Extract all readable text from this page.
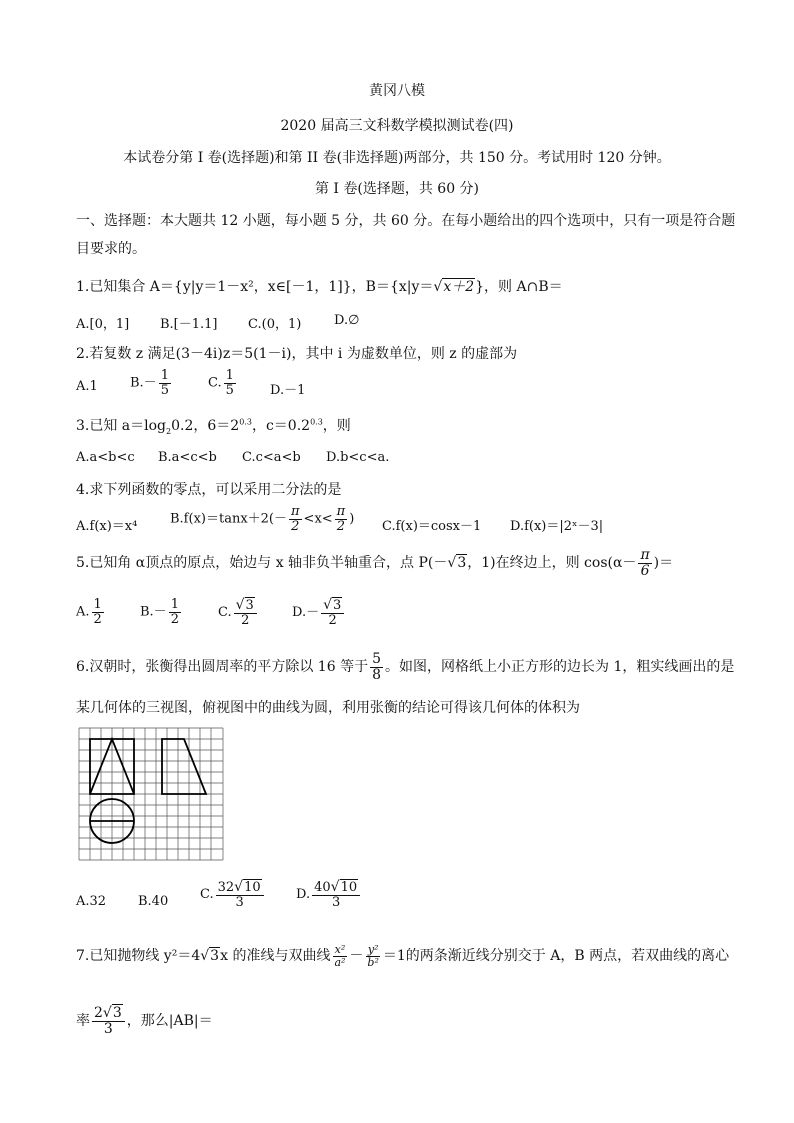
黄冈八模
2020 届高三文科数学模拟测试卷(四)
本试卷分第 I 卷(选择题)和第 II 卷(非选择题)两部分，共 150 分。考试用时 120 分钟。
第 I 卷(选择题，共 60 分)
一、选择题：本大题共 12 小题，每小题 5 分，共 60 分。在每小题给出的四个选项中，只有一项是符合题
目要求的。
1.已知集合 A＝{y|y＝1－x²，x∈[－1，1]}，B＝{x|y＝√x＋2}，则 A∩B＝
A.[0，1] B.[－1.1] C.(0，1)	D.∅
2.若复数 z 满足(3－4i)z＝5(1－i)，其中 i 为虚数单位，则 z 的虚部为
A.1 $B.- \frac{1}{5}$	C. $\frac{1}{5}$	D.－1
3.已知 $a=\log_20.2$，$6=2^{0.3}$，$c=0.2^{0.3}$，则
A.a<b<c B.a<c<b C.c<a<b D.b<c<a.
4.求下列函数的零点，可以采用二分法的是
A.f(x)＝x⁴	$B.f(x)=\tan x+2(- \frac{\pi}{2} <x< \frac{\pi}{2}$ ) C.f(x)＝cosx－1 D.f(x)＝|2ˣ－3|
5.已知角 α顶点的原点，始边与 x 轴非负半轴重合，点 P(－√3，1)在终边上，则 $\cos(\alpha- \frac{\pi}{6}$ )＝
A. $\frac{1}{2}$	$B.- \frac{1}{2}$	C. $\frac{√3}{2}$	$D.- \frac{√3}{2}$
6.汉朝时，张衡得出圆周率的平方除以 16 等于 $\frac{5}{8}$ 。如图，网格纸上小正方形的边长为 1，粗实线画出的是
某几何体的三视图，俯视图中的曲线为圆，利用张衡的结论可得该几何体的体积为
A.32 B.40 C. $\frac{32√10}{3} D$. $\frac{40√10}{3}$
7.已知抛物线 y²＝4√3x 的准线与双曲线 $\frac{\text{x²}}{\text{a²}} - \frac{\text{y²}}{\text{b²}} =1$的两条渐近线分别交于 A，B 两点，若双曲线的离心
率 $\frac{2√3}{3}$ ，那么|AB|＝
